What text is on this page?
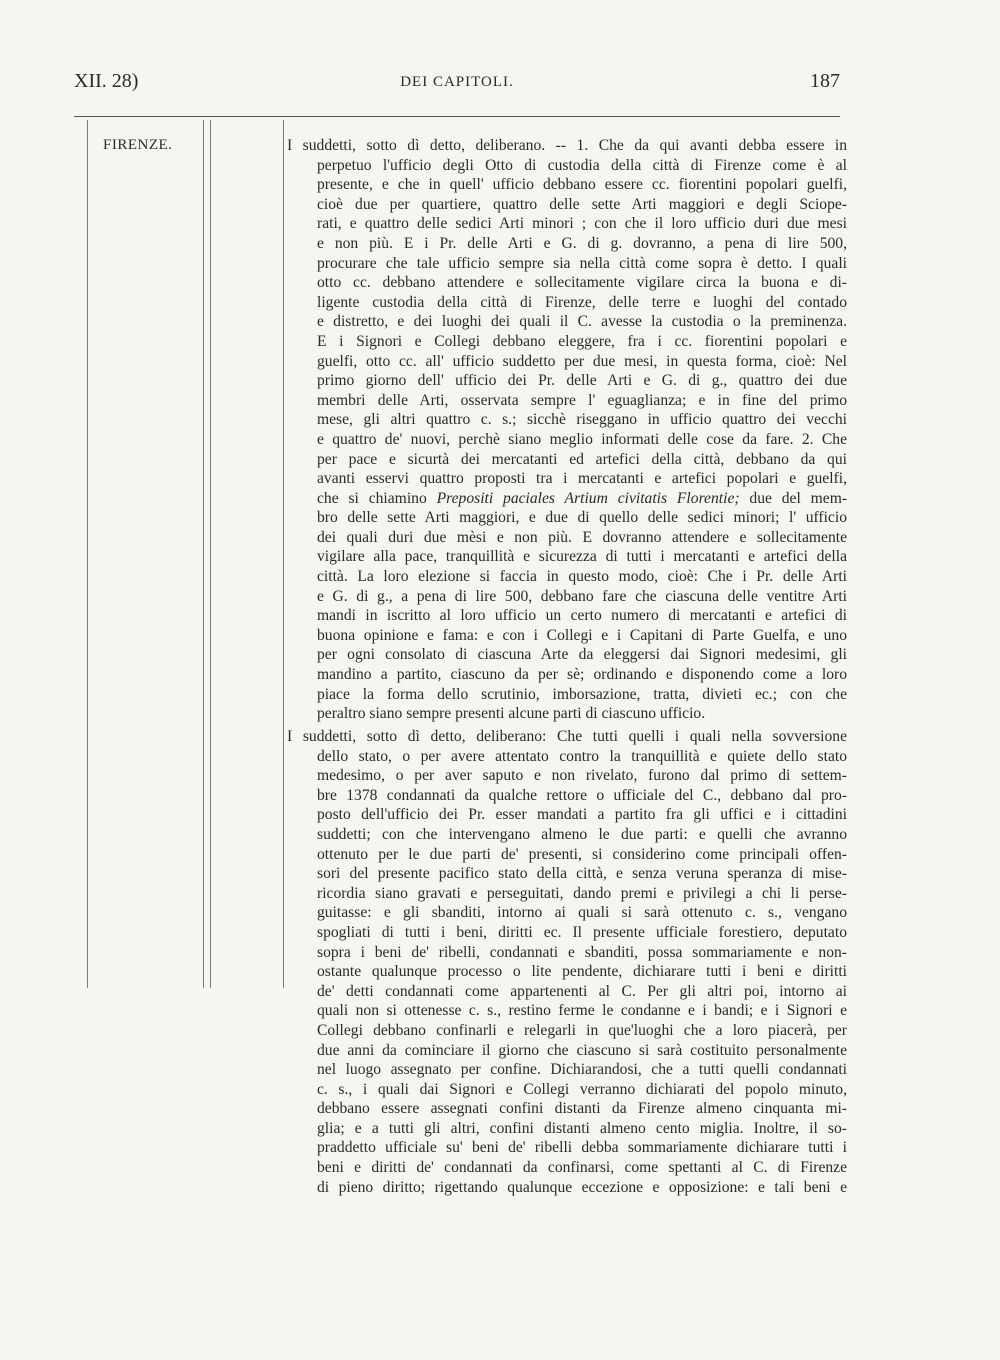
XII. 28)	DEI CAPITOLI.	187
FIRENZE.	I suddetti, sotto dì detto, deliberano. -- 1. Che da qui avanti debba essere in
perpetuo l'ufficio degli Otto di custodia della città di Firenze come è al
presente, e che in quell' ufficio debbano essere cc. fiorentini popolari guelfi,
cioè due per quartiere, quattro delle sette Arti maggiori e degli Sciope-
rati, e quattro delle sedici Arti minori ; con che il loro ufficio duri due mesi
e non più. E i Pr. delle Arti e G. di g. dovranno, a pena di lire 500,
procurare che tale ufficio sempre sia nella città come sopra è detto. I quali
otto cc. debbano attendere e sollecitamente vigilare circa la buona e di-
ligente custodia della città di Firenze, delle terre e luoghi del contado
e distretto, e dei luoghi dei quali il C. avesse la custodia o la preminenza.
E i Signori e Collegi debbano eleggere, fra i cc. fiorentini popolari e
guelfi, otto cc. all' ufficio suddetto per due mesi, in questa forma, cioè: Nel
primo giorno dell' ufficio dei Pr. delle Arti e G. di g., quattro dei due
membri delle Arti, osservata sempre l' eguaglianza; e in fine del primo
mese, gli altri quattro c. s.; sicchè riseggano in ufficio quattro dei vecchi
e quattro de' nuovi, perchè siano meglio informati delle cose da fare. 2. Che
per pace e sicurtà dei mercatanti ed artefici della città, debbano da qui
avanti esservi quattro proposti tra i mercatanti e artefici popolari e guelfi,
che si chiamino Prepositi paciales Artium civitatis Florentie; due del mem-
bro delle sette Arti maggiori, e due di quello delle sedici minori; l' ufficio
dei quali duri due mèsi e non più. E dovranno attendere e sollecitamente
vigilare alla pace, tranquillità e sicurezza di tutti i mercatanti e artefici della
città. La loro elezione si faccia in questo modo, cioè: Che i Pr. delle Arti
e G. di g., a pena di lire 500, debbano fare che ciascuna delle ventitre Arti
mandi in iscritto al loro ufficio un certo numero di mercatanti e artefici di
buona opinione e fama: e con i Collegi e i Capitani di Parte Guelfa, e uno
per ogni consolato di ciascuna Arte da eleggersi dai Signori medesimi, gli
mandino a partito, ciascuno da per sè; ordinando e disponendo come a loro
piace la forma dello scrutinio, imborsazione, tratta, divieti ec.; con che
peraltro siano sempre presenti alcune parti di ciascuno ufficio.
I suddetti, sotto dì detto, deliberano: Che tutti quelli i quali nella sovversione
dello stato, o per avere attentato contro la tranquillità e quiete dello stato
medesimo, o per aver saputo e non rivelato, furono dal primo di settem-
bre 1378 condannati da qualche rettore o ufficiale del C., debbano dal pro-
posto dell'ufficio dei Pr. esser mandati a partito fra gli uffici e i cittadini
suddetti; con che intervengano almeno le due parti: e quelli che avranno
ottenuto per le due parti de' presenti, si considerino come principali offen-
sori del presente pacifico stato della città, e senza veruna speranza di mise-
ricordia siano gravati e perseguitati, dando premi e privilegi a chi li perse-
guitasse: e gli sbanditi, intorno ai quali si sarà ottenuto c. s., vengano
spogliati di tutti i beni, diritti ec. Il presente ufficiale forestiero, deputato
sopra i beni de' ribelli, condannati e sbanditi, possa sommariamente e non-
ostante qualunque processo o lite pendente, dichiarare tutti i beni e diritti
de' detti condannati come appartenenti al C. Per gli altri poi, intorno ai
quali non si ottenesse c. s., restino ferme le condanne e i bandi; e i Signori e
Collegi debbano confinarli e relegarli in que'luoghi che a loro piacerà, per
due anni da cominciare il giorno che ciascuno si sarà costituito personalmente
nel luogo assegnato per confine. Dichiarandosi, che a tutti quelli condannati
c. s., i quali dai Signori e Collegi verranno dichiarati del popolo minuto,
debbano essere assegnati confini distanti da Firenze almeno cinquanta mi-
glia; e a tutti gli altri, confini distanti almeno cento miglia. Inoltre, il so-
praddetto ufficiale su' beni de' ribelli debba sommariamente dichiarare tutti i
beni e diritti de' condannati da confinarsi, come spettanti al C. di Firenze
di pieno diritto; rigettando qualunque eccezione e opposizione: e tali beni e
